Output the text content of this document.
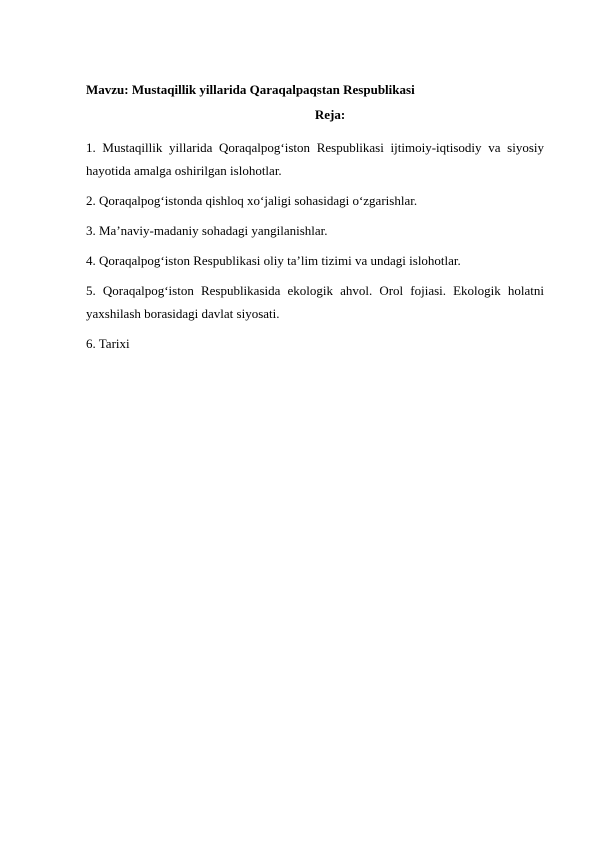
Mavzu: Mustaqillik yillarida Qaraqalpaqstan Respublikasi

Reja:

1. Mustaqillik yillarida Qoraqalpog‘iston Respublikasi ijtimoiy-iqtisodiy va siyosiy hayotida amalga oshirilgan islohotlar.
2. Qoraqalpog‘istonda qishloq xo‘jaligi sohasidagi o‘zgarishlar.
3. Ma’naviy-madaniy sohadagi yangilanishlar.
4. Qoraqalpog‘iston Respublikasi oliy ta’lim tizimi va undagi islohotlar.
5. Qoraqalpog‘iston Respublikasida ekologik ahvol. Orol fojiasi. Ekologik holatni yaxshilash borasidagi davlat siyosati.
6. Tarixi
